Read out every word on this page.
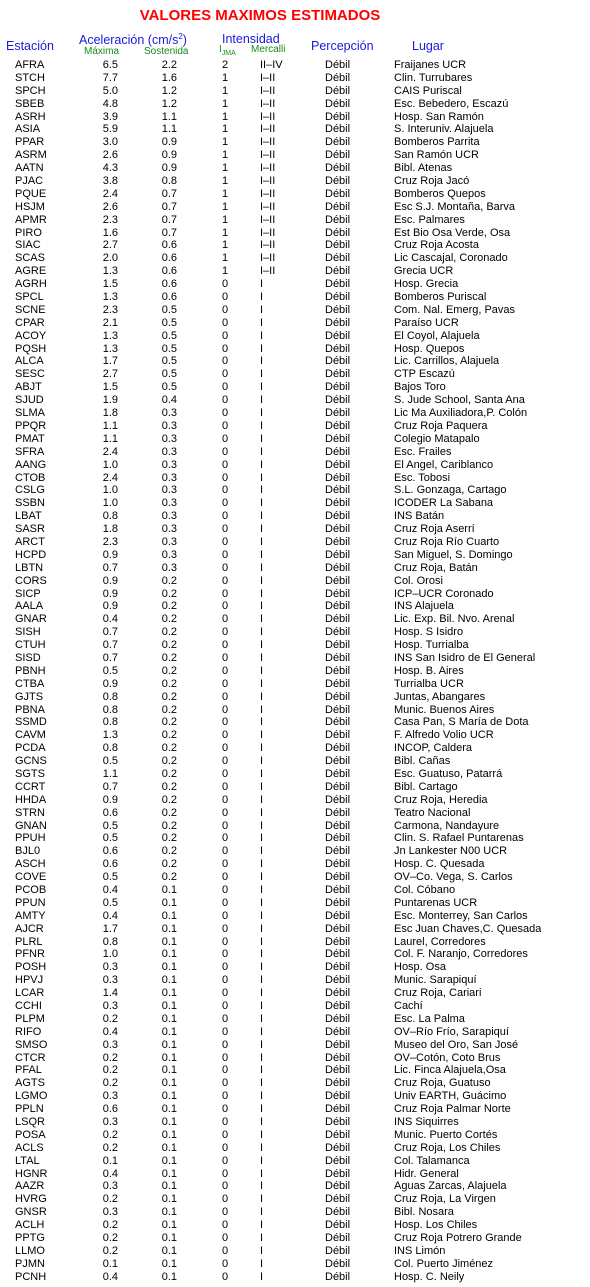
VALORES MAXIMOS ESTIMADOS
Estación Aceleración $(cm/s^2)$	Intensidad	Percepción	Lugar
Máxima Sostenida	$I_{JMA}$ Mercalli
AFRA	6.5	2.2	2	II–IV	Débil	Fraijanes UCR
STCH	7.7	1.6	1	I–II	Débil	Clin. Turrubares
SPCH	5.0	1.2	1	I–II	Débil	CAIS Puriscal
SBEB	4.8	1.2	1	I–II	Débil	Esc. Bebedero, Escazú
ASRH	3.9	1.1	1	I–II	Débil	Hosp. San Ramón
ASIA	5.9	1.1	1	I–II	Débil	S. Interuniv. Alajuela
PPAR	3.0	0.9	1	I–II	Débil	Bomberos Parrita
ASRM	2.6	0.9	1	I–II	Débil	San Ramón UCR
AATN	4.3	0.9	1	I–II	Débil	Bibl. Atenas
PJAC	3.8	0.8	1	I–II	Débil	Cruz Roja Jacó
PQUE	2.4	0.7	1	I–II	Débil	Bomberos Quepos
HSJM	2.6	0.7	1	I–II	Débil	Esc S.J. Montaña, Barva
APMR	2.3	0.7	1	I–II	Débil	Esc. Palmares
PIRO	1.6	0.7	1	I–II	Débil	Est Bio Osa Verde, Osa
SIAC	2.7	0.6	1	I–II	Débil	Cruz Roja Acosta
SCAS	2.0	0.6	1	I–II	Débil	Lic Cascajal, Coronado
AGRE	1.3	0.6	1	I–II	Débil	Grecia UCR
AGRH	1.5	0.6	0	I	Débil	Hosp. Grecia
SPCL	1.3	0.6	0	I	Débil	Bomberos Puriscal
SCNE	2.3	0.5	0	I	Débil	Com. Nal. Emerg, Pavas
CPAR	2.1	0.5	0	I	Débil	Paraíso UCR
ACOY	1.3	0.5	0	I	Débil	El Coyol, Alajuela
PQSH	1.3	0.5	0	I	Débil	Hosp. Quepos
ALCA	1.7	0.5	0	I	Débil	Lic. Carrillos, Alajuela
SESC	2.7	0.5	0	I	Débil	CTP Escazú
ABJT	1.5	0.5	0	I	Débil	Bajos Toro
SJUD	1.9	0.4	0	I	Débil	S. Jude School, Santa Ana
SLMA	1.8	0.3	0	I	Débil	Lic Ma Auxiliadora,P. Colón
PPQR	1.1	0.3	0	I	Débil	Cruz Roja Paquera
PMAT	1.1	0.3	0	I	Débil	Colegio Matapalo
SFRA	2.4	0.3	0	I	Débil	Esc. Frailes
AANG	1.0	0.3	0	I	Débil	El Angel, Cariblanco
CTOB	2.4	0.3	0	I	Débil	Esc. Tobosi
CSLG	1.0	0.3	0	I	Débil	S.L. Gonzaga, Cartago
SSBN	1.0	0.3	0	I	Débil	ICODER La Sabana
LBAT	0.8	0.3	0	I	Débil	INS Batán
SASR	1.8	0.3	0	I	Débil	Cruz Roja Aserrí
ARCT	2.3	0.3	0	I	Débil	Cruz Roja Río Cuarto
HCPD	0.9	0.3	0	I	Débil	San Miguel, S. Domingo
LBTN	0.7	0.3	0	I	Débil	Cruz Roja, Batán
CORS	0.9	0.2	0	I	Débil	Col. Orosi
SICP	0.9	0.2	0	I	Débil	ICP–UCR Coronado
AALA	0.9	0.2	0	I	Débil	INS Alajuela
GNAR	0.4	0.2	0	I	Débil	Lic. Exp. Bil. Nvo. Arenal
SISH	0.7	0.2	0	I	Débil	Hosp. S Isidro
CTUH	0.7	0.2	0	I	Débil	Hosp. Turrialba
SISD	0.7	0.2	0	I	Débil	INS San Isidro de El General
PBNH	0.5	0.2	0	I	Débil	Hosp. B. Aires
CTBA	0.9	0.2	0	I	Débil	Turrialba UCR
GJTS	0.8	0.2	0	I	Débil	Juntas, Abangares
PBNA	0.8	0.2	0	I	Débil	Munic. Buenos Aires
SSMD	0.8	0.2	0	I	Débil	Casa Pan, S María de Dota
CAVM	1.3	0.2	0	I	Débil	F. Alfredo Volio UCR
PCDA	0.8	0.2	0	I	Débil	INCOP, Caldera
GCNS	0.5	0.2	0	I	Débil	Bibl. Cañas
SGTS	1.1	0.2	0	I	Débil	Esc. Guatuso, Patarrá
CCRT	0.7	0.2	0	I	Débil	Bibl. Cartago
HHDA	0.9	0.2	0	I	Débil	Cruz Roja, Heredia
STRN	0.6	0.2	0	I	Débil	Teatro Nacional
GNAN	0.5	0.2	0	I	Débil	Carmona, Nandayure
PPUH	0.5	0.2	0	I	Débil	Clin. S. Rafael Puntarenas
BJL0	0.6	0.2	0	I	Débil	Jn Lankester N00 UCR
ASCH	0.6	0.2	0	I	Débil	Hosp. C. Quesada
COVE	0.5	0.2	0	I	Débil	OV–Co. Vega, S. Carlos
PCOB	0.4	0.1	0	I	Débil	Col. Cóbano
PPUN	0.5	0.1	0	I	Débil	Puntarenas UCR
AMTY	0.4	0.1	0	I	Débil	Esc. Monterrey, San Carlos
AJCR	1.7	0.1	0	I	Débil	Esc Juan Chaves,C. Quesada
PLRL	0.8	0.1	0	I	Débil	Laurel, Corredores
PFNR	1.0	0.1	0	I	Débil	Col. F. Naranjo, Corredores
POSH	0.3	0.1	0	I	Débil	Hosp. Osa
HPVJ	0.3	0.1	0	I	Débil	Munic. Sarapiquí
LCAR	1.4	0.1	0	I	Débil	Cruz Roja, Cariari
CCHI	0.3	0.1	0	I	Débil	Cachí
PLPM	0.2	0.1	0	I	Débil	Esc. La Palma
RIFO	0.4	0.1	0	I	Débil	OV–Río Frío, Sarapiquí
SMSO	0.3	0.1	0	I	Débil	Museo del Oro, San José
CTCR	0.2	0.1	0	I	Débil	OV–Cotón, Coto Brus
PFAL	0.2	0.1	0	I	Débil	Lic. Finca Alajuela,Osa
AGTS	0.2	0.1	0	I	Débil	Cruz Roja, Guatuso
LGMO	0.3	0.1	0	I	Débil	Univ EARTH, Guácimo
PPLN	0.6	0.1	0	I	Débil	Cruz Roja Palmar Norte
LSQR	0.3	0.1	0	I	Débil	INS Siquirres
POSA	0.2	0.1	0	I	Débil	Munic. Puerto Cortés
ACLS	0.2	0.1	0	I	Débil	Cruz Roja, Los Chiles
LTAL	0.1	0.1	0	I	Débil	Col. Talamanca
HGNR	0.4	0.1	0	I	Débil	Hidr. General
AAZR	0.3	0.1	0	I	Débil	Aguas Zarcas, Alajuela
HVRG	0.2	0.1	0	I	Débil	Cruz Roja, La Virgen
GNSR	0.3	0.1	0	I	Débil	Bibl. Nosara
ACLH	0.2	0.1	0	I	Débil	Hosp. Los Chiles
PPTG	0.2	0.1	0	I	Débil	Cruz Roja Potrero Grande
LLMO	0.2	0.1	0	I	Débil	INS Limón
PJMN	0.1	0.1	0	I	Débil	Col. Puerto Jiménez
PCNH	0.4	0.1	0	I	Débil	Hosp. C. Neily
